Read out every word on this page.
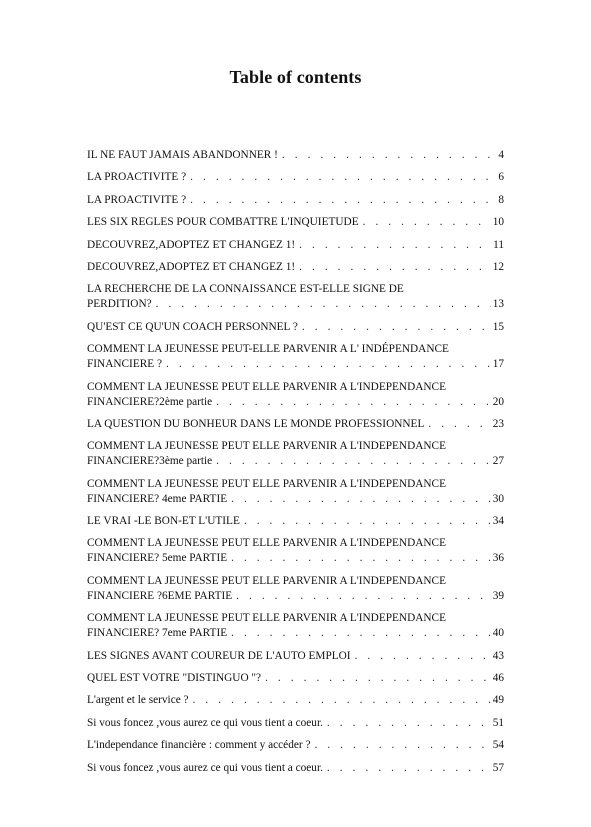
Table of contents
IL NE FAUT JAMAIS ABANDONNER ! . . .	4
LA PROACTIVITE ? . . .	6
LA PROACTIVITE ? . . .	8
LES SIX REGLES POUR COMBATTRE L'INQUIETUDE . . .	10
DECOUVREZ,ADOPTEZ ET CHANGEZ 1! . . .	11
DECOUVREZ,ADOPTEZ ET CHANGEZ 1! . . .	12
LA RECHERCHE DE LA CONNAISSANCE EST-ELLE SIGNE DE
PERDITION? . . .	13
QU'EST CE QU'UN COACH PERSONNEL ? . . .	15
COMMENT LA JEUNESSE PEUT-ELLE PARVENIR A L' INDÉPENDANCE
FINANCIERE ? . . .	17
COMMENT LA JEUNESSE PEUT ELLE PARVENIR A L'INDEPENDANCE
FINANCIERE?2ème partie . . .	20
LA QUESTION DU BONHEUR DANS LE MONDE PROFESSIONNEL . . .	23
COMMENT LA JEUNESSE PEUT ELLE PARVENIR A L'INDEPENDANCE
FINANCIERE?3ème partie . . .	27
COMMENT LA JEUNESSE PEUT ELLE PARVENIR A L'INDEPENDANCE
FINANCIERE? 4eme PARTIE . . .	30
LE VRAI -LE BON-ET L'UTILE . . .	34
COMMENT LA JEUNESSE PEUT ELLE PARVENIR A L'INDEPENDANCE
FINANCIERE? 5eme PARTIE . . .	36
COMMENT LA JEUNESSE PEUT ELLE PARVENIR A L'INDEPENDANCE
FINANCIERE ?6EME PARTIE . . .	39
COMMENT LA JEUNESSE PEUT ELLE PARVENIR A L'INDEPENDANCE
FINANCIERE? 7eme PARTIE . . .	40
LES SIGNES AVANT COUREUR DE L'AUTO EMPLOI . . .	43
QUEL EST VOTRE "DISTINGUO "? . . .	46
L'argent et le service ? . . .	49
Si vous foncez ,vous aurez ce qui vous tient a coeur. . . .	51
L'independance financière : comment y accéder ? . . .	54
Si vous foncez ,vous aurez ce qui vous tient a coeur. . . .	57
